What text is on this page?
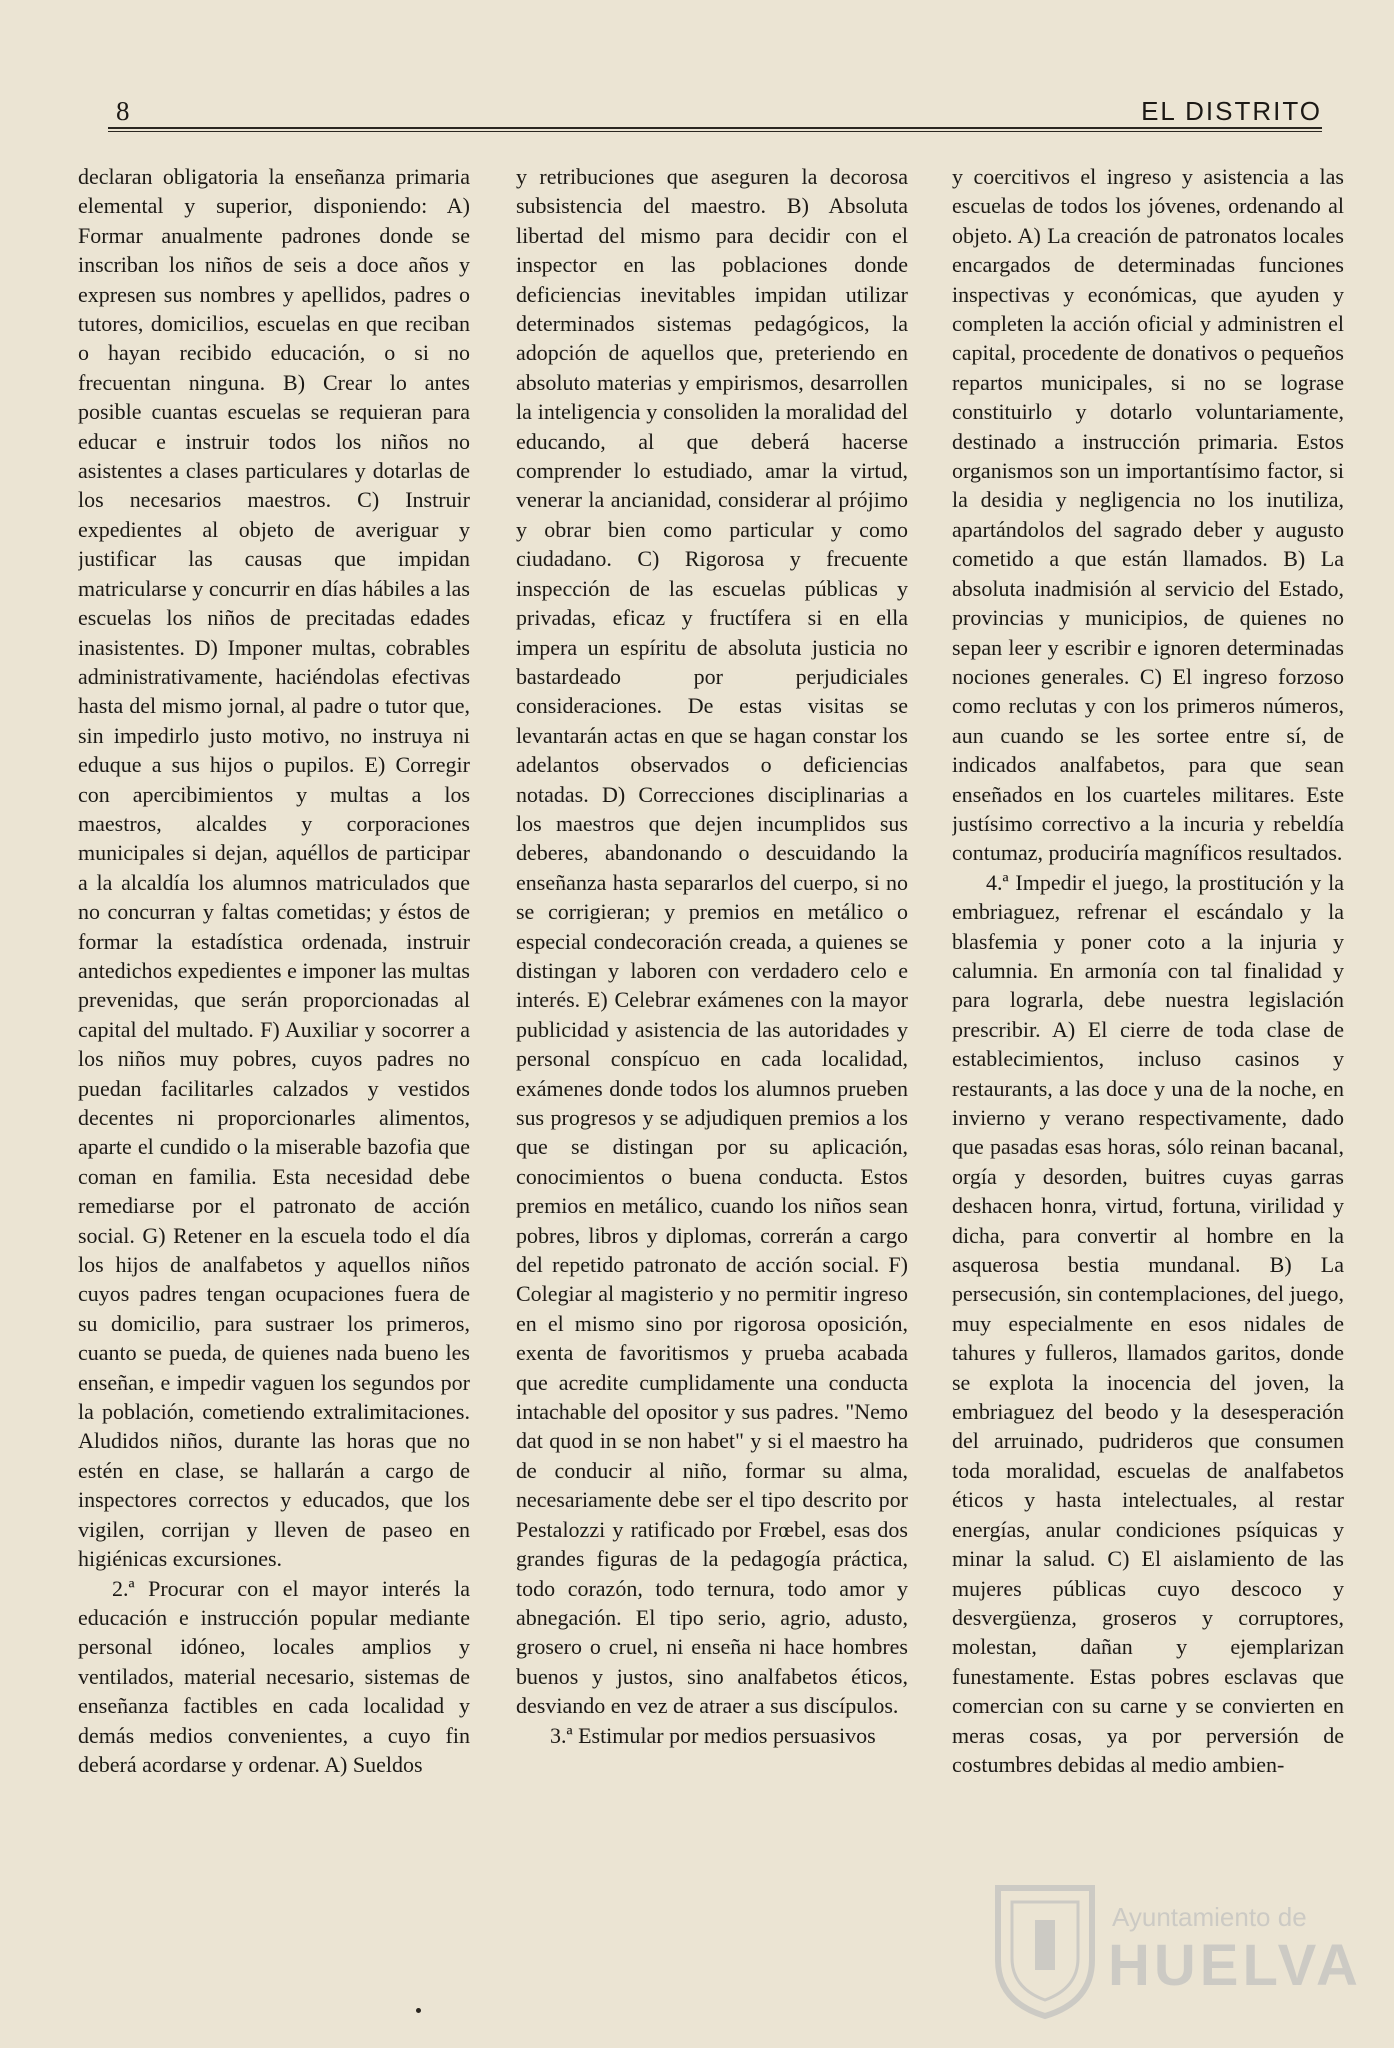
8	EL DISTRITO

declaran obligatoria la enseñanza primaria elemental y superior, disponiendo: A) Formar anualmente padrones donde se inscriban los niños de seis a doce años y expresen sus nombres y apellidos, padres o tutores, domicilios, escuelas en que reciban o hayan recibido educación, o si no frecuentan ninguna. B) Crear lo antes posible cuantas escuelas se requieran para educar e instruir todos los niños no asistentes a clases particulares y dotarlas de los necesarios maestros. C) Instruir expedientes al objeto de averiguar y justificar las causas que impidan matricularse y concurrir en días hábiles a las escuelas los niños de precitadas edades inasistentes. D) Imponer multas, cobrables administrativamente, haciéndolas efectivas hasta del mismo jornal, al padre o tutor que, sin impedirlo justo motivo, no instruya ni eduque a sus hijos o pupilos. E) Corregir con apercibimientos y multas a los maestros, alcaldes y corporaciones municipales si dejan, aquéllos de participar a la alcaldía los alumnos matriculados que no concurran y faltas cometidas; y éstos de formar la estadística ordenada, instruir antedichos expedientes e imponer las multas prevenidas, que serán proporcionadas al capital del multado. F) Auxiliar y socorrer a los niños muy pobres, cuyos padres no puedan facilitarles calzados y vestidos decentes ni proporcionarles alimentos, aparte el cundido o la miserable bazofia que coman en familia. Esta necesidad debe remediarse por el patronato de acción social. G) Retener en la escuela todo el día los hijos de analfabetos y aquellos niños cuyos padres tengan ocupaciones fuera de su domicilio, para sustraer los primeros, cuanto se pueda, de quienes nada bueno les enseñan, e impedir vaguen los segundos por la población, cometiendo extralimitaciones. Aludidos niños, durante las horas que no estén en clase, se hallarán a cargo de inspectores correctos y educados, que los vigilen, corrijan y lleven de paseo en higiénicas excursiones.

2.ª Procurar con el mayor interés la educación e instrucción popular mediante personal idóneo, locales amplios y ventilados, material necesario, sistemas de enseñanza factibles en cada localidad y demás medios convenientes, a cuyo fin deberá acordarse y ordenar. A) Sueldos

y retribuciones que aseguren la decorosa subsistencia del maestro. B) Absoluta libertad del mismo para decidir con el inspector en las poblaciones donde deficiencias inevitables impidan utilizar determinados sistemas pedagógicos, la adopción de aquellos que, preteriendo en absoluto materias y empirismos, desarrollen la inteligencia y consoliden la moralidad del educando, al que deberá hacerse comprender lo estudiado, amar la virtud, venerar la ancianidad, considerar al prójimo y obrar bien como particular y como ciudadano. C) Rigorosa y frecuente inspección de las escuelas públicas y privadas, eficaz y fructífera si en ella impera un espíritu de absoluta justicia no bastardeado por perjudiciales consideraciones. De estas visitas se levantarán actas en que se hagan constar los adelantos observados o deficiencias notadas. D) Correcciones disciplinarias a los maestros que dejen incumplidos sus deberes, abandonando o descuidando la enseñanza hasta separarlos del cuerpo, si no se corrigieran; y premios en metálico o especial condecoración creada, a quienes se distingan y laboren con verdadero celo e interés. E) Celebrar exámenes con la mayor publicidad y asistencia de las autoridades y personal conspícuo en cada localidad, exámenes donde todos los alumnos prueben sus progresos y se adjudiquen premios a los que se distingan por su aplicación, conocimientos o buena conducta. Estos premios en metálico, cuando los niños sean pobres, libros y diplomas, correrán a cargo del repetido patronato de acción social. F) Colegiar al magisterio y no permitir ingreso en el mismo sino por rigorosa oposición, exenta de favoritismos y prueba acabada que acredite cumplidamente una conducta intachable del opositor y sus padres. "Nemo dat quod in se non habet" y si el maestro ha de conducir al niño, formar su alma, necesariamente debe ser el tipo descrito por Pestalozzi y ratificado por Frœbel, esas dos grandes figuras de la pedagogía práctica, todo corazón, todo ternura, todo amor y abnegación. El tipo serio, agrio, adusto, grosero o cruel, ni enseña ni hace hombres buenos y justos, sino analfabetos éticos, desviando en vez de atraer a sus discípulos.

3.ª Estimular por medios persuasivos

y coercitivos el ingreso y asistencia a las escuelas de todos los jóvenes, ordenando al objeto. A) La creación de patronatos locales encargados de determinadas funciones inspectivas y económicas, que ayuden y completen la acción oficial y administren el capital, procedente de donativos o pequeños repartos municipales, si no se lograse constituirlo y dotarlo voluntariamente, destinado a instrucción primaria. Estos organismos son un importantísimo factor, si la desidia y negligencia no los inutiliza, apartándolos del sagrado deber y augusto cometido a que están llamados. B) La absoluta inadmisión al servicio del Estado, provincias y municipios, de quienes no sepan leer y escribir e ignoren determinadas nociones generales. C) El ingreso forzoso como reclutas y con los primeros números, aun cuando se les sortee entre sí, de indicados analfabetos, para que sean enseñados en los cuarteles militares. Este justísimo correctivo a la incuria y rebeldía contumaz, produciría magníficos resultados.

4.ª Impedir el juego, la prostitución y la embriaguez, refrenar el escándalo y la blasfemia y poner coto a la injuria y calumnia. En armonía con tal finalidad y para lograrla, debe nuestra legislación prescribir. A) El cierre de toda clase de establecimientos, incluso casinos y restaurants, a las doce y una de la noche, en invierno y verano respectivamente, dado que pasadas esas horas, sólo reinan bacanal, orgía y desorden, buitres cuyas garras deshacen honra, virtud, fortuna, virilidad y dicha, para convertir al hombre en la asquerosa bestia mundanal. B) La persecusión, sin contemplaciones, del juego, muy especialmente en esos nidales de tahures y fulleros, llamados garitos, donde se explota la inocencia del joven, la embriaguez del beodo y la desesperación del arruinado, pudrideros que consumen toda moralidad, escuelas de analfabetos éticos y hasta intelectuales, al restar energías, anular condiciones psíquicas y minar la salud. C) El aislamiento de las mujeres públicas cuyo descoco y desvergüenza, groseros y corruptores, molestan, dañan y ejemplarizan funestamente. Estas pobres esclavas que comercian con su carne y se convierten en meras cosas, ya por perversión de costumbres debidas al medio ambien-

Ayuntamiento de
HUELVA
